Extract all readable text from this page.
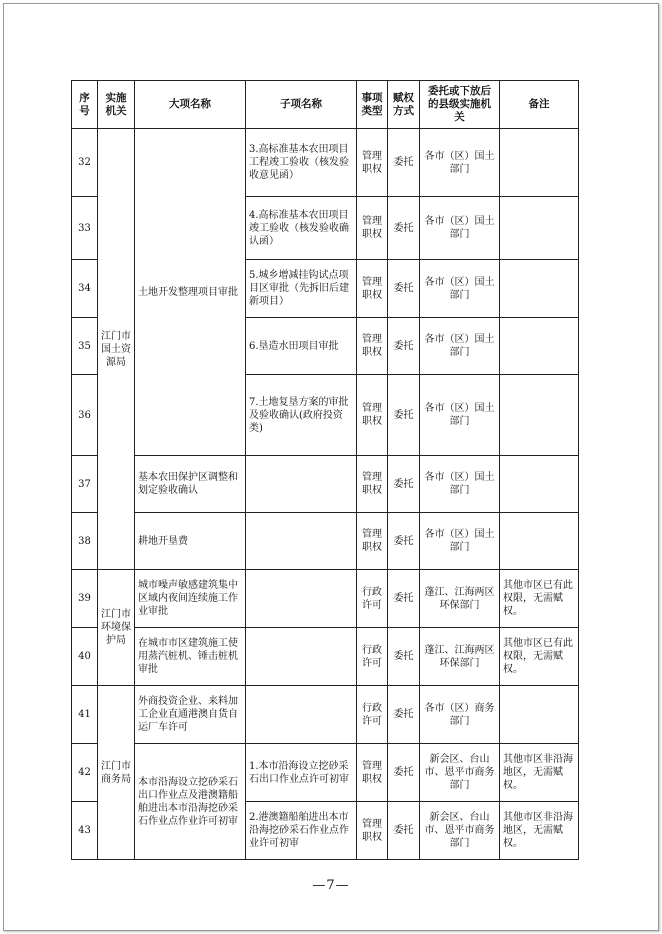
序号	实施机关	大项名称	子项名称	事项类型	赋权方式	委托或下放后的县级实施机关	备注
32	江门市国土资源局	土地开发整理项目审批	3.高标准基本农田项目工程竣工验收（核发验收意见函）	管理职权	委托	各市（区）国土部门	
33			4.高标准基本农田项目竣工验收（核发验收确认函）	管理职权	委托	各市（区）国土部门	
34			5.城乡增减挂钩试点项目区审批（先拆旧后建新项目）	管理职权	委托	各市（区）国土部门	
35			6.垦造水田项目审批	管理职权	委托	各市（区）国土部门	
36			7.土地复垦方案的审批及验收确认(政府投资类)	管理职权	委托	各市（区）国土部门	
37		基本农田保护区调整和划定验收确认		管理职权	委托	各市（区）国土部门	
38		耕地开垦费		管理职权	委托	各市（区）国土部门	
39	江门市环境保护局	城市噪声敏感建筑集中区域内夜间连续施工作业审批		行政许可	委托	蓬江、江海两区环保部门	其他市区已有此权限，无需赋权。
40		在城市市区建筑施工使用蒸汽桩机、锤击桩机审批		行政许可	委托	蓬江、江海两区环保部门	其他市区已有此权限，无需赋权。
41	江门市商务局	外商投资企业、来料加工企业直通港澳自货自运厂车许可		行政许可	委托	各市（区）商务部门	
42		本市沿海设立挖砂采石出口作业点及港澳籍船舶进出本市沿海挖砂采石作业点作业许可初审	1.本市沿海设立挖砂采石出口作业点许可初审	管理职权	委托	新会区、台山市、恩平市商务部门	其他市区非沿海地区，无需赋权。
43			2.港澳籍船舶进出本市沿海挖砂采石作业点作业许可初审	管理职权	委托	新会区、台山市、恩平市商务部门	其他市区非沿海地区，无需赋权。
—7—
